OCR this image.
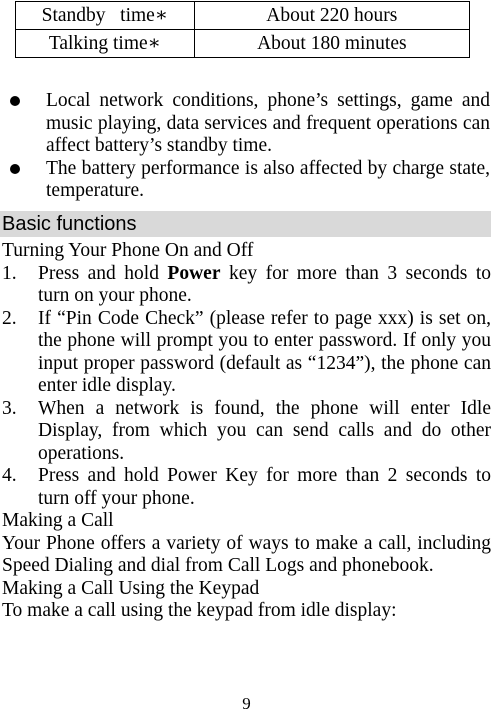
Standby   time∗	About 220 hours
Talking time∗	About 180 minutes
Local network conditions, phone’s settings, game and music playing, data services and frequent operations can affect battery’s standby time.
The battery performance is also affected by charge state, temperature.
Basic functions
Turning Your Phone On and Off
1. Press and hold Power key for more than 3 seconds to turn on your phone.
2. If “Pin Code Check” (please refer to page xxx) is set on, the phone will prompt you to enter password. If only you input proper password (default as “1234”), the phone can enter idle display.
3. When a network is found, the phone will enter Idle Display, from which you can send calls and do other operations.
4. Press and hold Power Key for more than 2 seconds to turn off your phone.
Making a Call
Your Phone offers a variety of ways to make a call, including Speed Dialing and dial from Call Logs and phonebook.
Making a Call Using the Keypad
To make a call using the keypad from idle display:
9
